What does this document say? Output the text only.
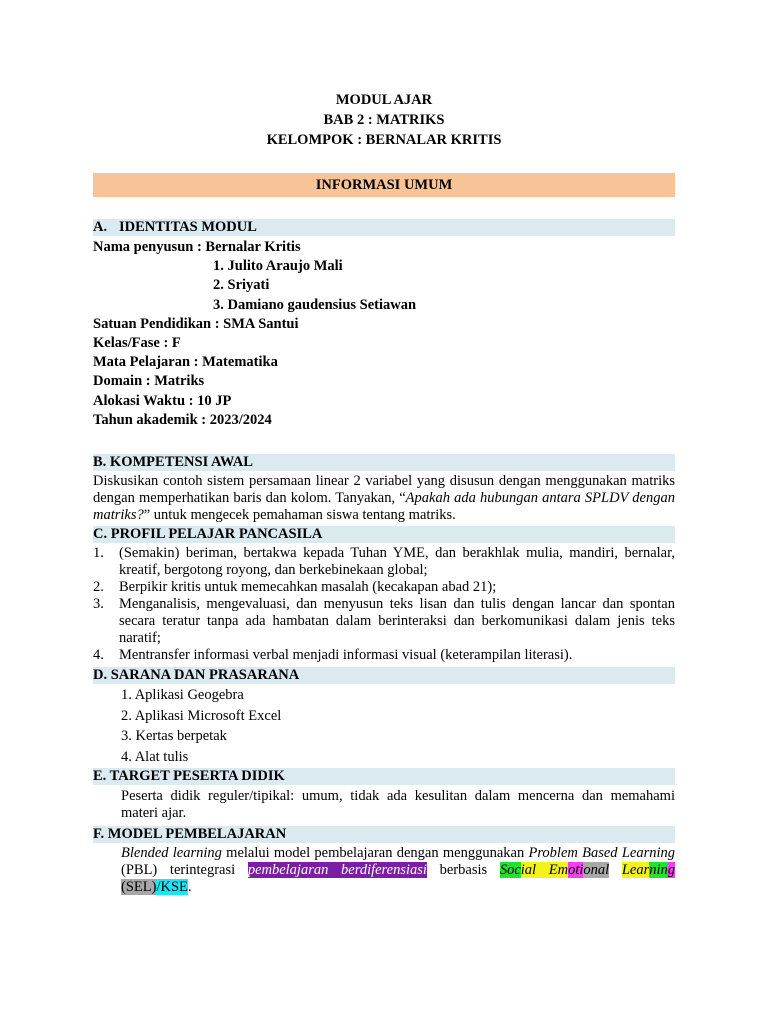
MODUL AJAR
BAB 2 : MATRIKS
KELOMPOK : BERNALAR KRITIS
INFORMASI UMUM
A. IDENTITAS MODUL
Nama penyusun : Bernalar Kritis
1. Julito Araujo Mali
2. Sriyati
3. Damiano gaudensius Setiawan
Satuan Pendidikan : SMA Santui
Kelas/Fase : F
Mata Pelajaran : Matematika
Domain : Matriks
Alokasi Waktu : 10 JP
Tahun akademik : 2023/2024
B. KOMPETENSI AWAL
Diskusikan contoh sistem persamaan linear 2 variabel yang disusun dengan menggunakan matriks dengan memperhatikan baris dan kolom. Tanyakan, “Apakah ada hubungan antara SPLDV dengan matriks?” untuk mengecek pemahaman siswa tentang matriks.
C. PROFIL PELAJAR PANCASILA
1. (Semakin) beriman, bertakwa kepada Tuhan YME, dan berakhlak mulia, mandiri, bernalar, kreatif, bergotong royong, dan berkebinekaan global;
2. Berpikir kritis untuk memecahkan masalah (kecakapan abad 21);
3. Menganalisis, mengevaluasi, dan menyusun teks lisan dan tulis dengan lancar dan spontan secara teratur tanpa ada hambatan dalam berinteraksi dan berkomunikasi dalam jenis teks naratif;
4. Mentransfer informasi verbal menjadi informasi visual (keterampilan literasi).
D. SARANA DAN PRASARANA
1. Aplikasi Geogebra
2. Aplikasi Microsoft Excel
3. Kertas berpetak
4. Alat tulis
E. TARGET PESERTA DIDIK
Peserta didik reguler/tipikal: umum, tidak ada kesulitan dalam mencerna dan memahami materi ajar.
F. MODEL PEMBELAJARAN
Blended learning melalui model pembelajaran dengan menggunakan Problem Based Learning (PBL) terintegrasi pembelajaran berdiferensiasi berbasis Social Emotional Learning (SEL)/KSE.
